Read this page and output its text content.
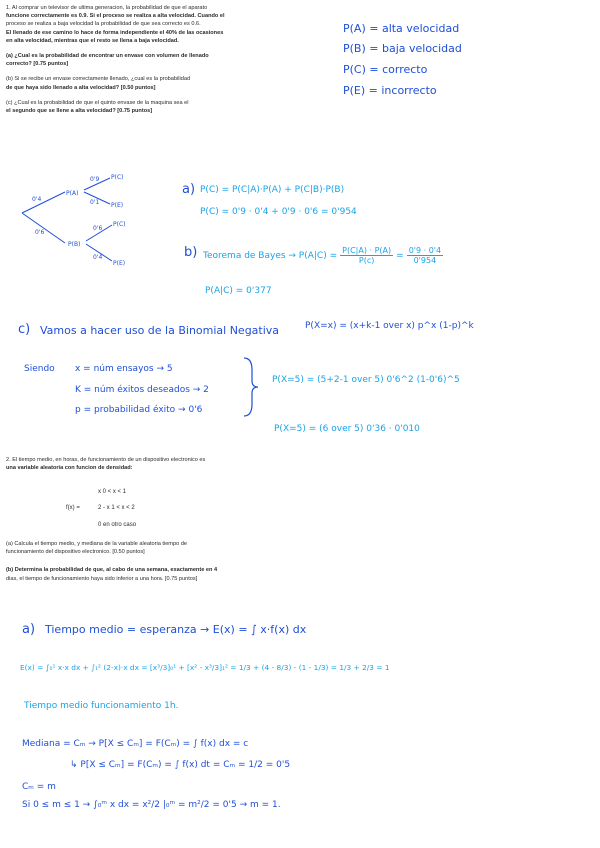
1. Al comprar un televisor de ultima generacion, la probabilidad de que el aparato
funcione correctamente es 0.9. Si el proceso se realiza a alta velocidad. Cuando el
proceso se realiza a baja velocidad la probabilidad de que sea correcto es 0.6.
El llenado de ese camino lo hace de forma independiente el 40% de las ocasiones
en alta velocidad, mientras que el resto se llena a baja velocidad.
(a) ¿Cual es la probabilidad de encontrar un envase con volumen de llenado
correcto? [0.75 puntos]
(b) Si se recibe un envase correctamente llenado, ¿cual es la probabilidad
de que haya sido llenado a alta velocidad? [0.50 puntos]
(c) ¿Cual es la probabilidad de que el quinto envase de la maquina sea el
el segundo que se llene a alta velocidad? [0.75 puntos]
P(A) = alta velocidad
P(B) = baja velocidad
P(C) = correcto
P(E) = incorrecto
0'4
0'6
0'9
0'1
0'6
0'4
P(A)
P(B)
P(C)
P(E)
P(C)
P(E)
a) P(C) = P(C|A)·P(A) + P(C|B)·P(B)
P(C) = 0'9 · 0'4 + 0'9 · 0'6 = 0'954
b) Teorema de Bayes → $P(A|C) = \frac{P(C|A) \cdot P(A)}{P(c)} = \frac{0'9 \cdot 0'4}{0'954}$
P(A|C) = 0'377
c) Vamos a hacer uso de la Binomial Negativa	P(X=x) = (x+k-1 over x) p^x (1-p)^k
Siendo x = núm ensayos → 5
K = núm éxitos deseados → 2
p = probabilidad éxito → 0'6
P(X=5) = (5+2-1 over 5) 0'6^2 (1-0'6)^5
P(X=5) = (6 over 5) 0'36 · 0'010
2. El tiempo medio, en horas, de funcionamiento de un dispositivo electronico es
una variable aleatoria con funcion de densidad:
x 0 < x < 1
f(x) =	2 - x 1 < x < 2
0 en otro caso
(a) Calcula el tiempo medio, y mediana de la variable aleatoria tiempo de
funcionamiento del dispositivo electronico. [0.50 puntos]
(b) Determina la probabilidad de que, al cabo de una semana, exactamente en 4
dias, el tiempo de funcionamiento haya sido inferior a una hora. [0.75 puntos]
a) Tiempo medio = esperanza → E(x) = ∫ x·f(x) dx
E(x) = ∫₀¹ x·x dx + ∫₁² (2-x)·x dx = [x³/3]₀¹ + [x² - x³/3]₁² = 1/3 + (4 - 8/3) - (1 - 1/3) = 1/3 + 2/3 = 1
Tiempo medio funcionamiento 1h.
Mediana = Cₘ → P[X ≤ Cₘ] = F(Cₘ) = ∫ f(x) dx = c
↳ P[X ≤ Cₘ] = F(Cₘ) = ∫ f(x) dt = Cₘ = 1/2 = 0'5
Cₘ = m
Si 0 ≤ m ≤ 1 → ∫₀ᵐ x dx = x²/2 |₀ᵐ = m²/2 = 0'5 → m = 1.
